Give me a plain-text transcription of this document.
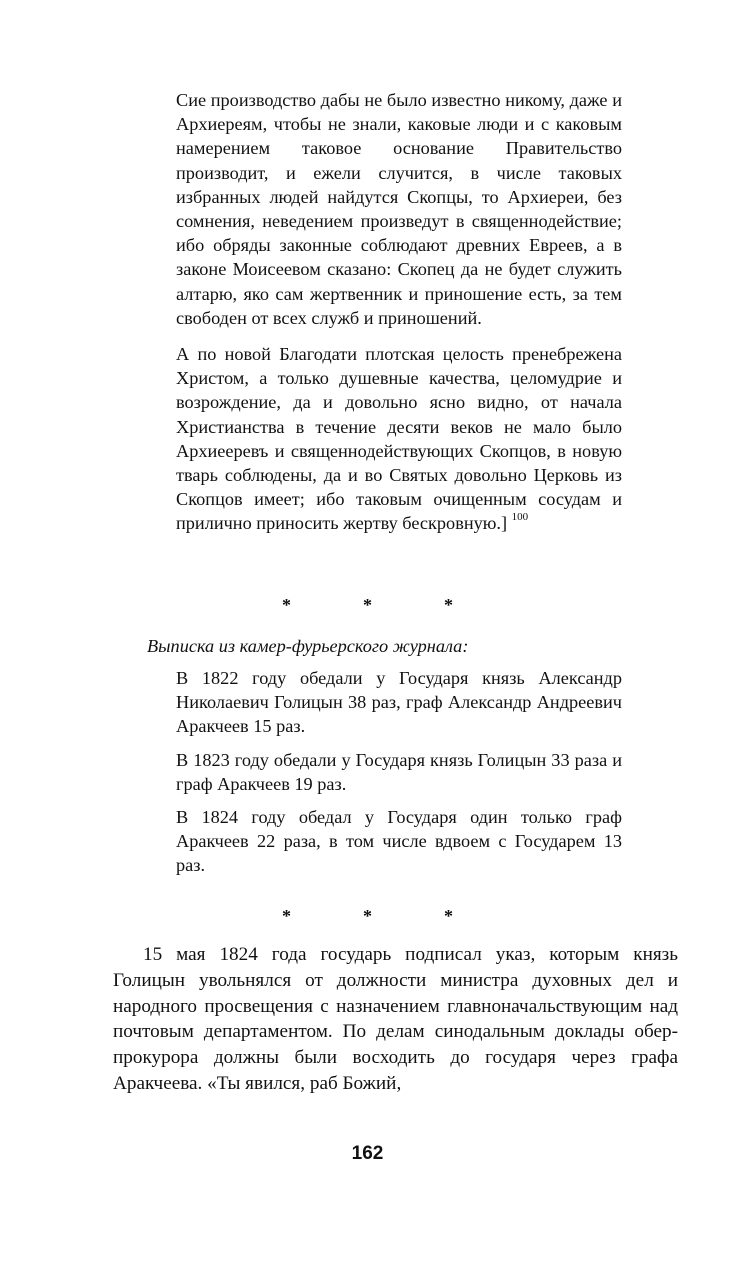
Сие производство дабы не было известно никому, даже и Архиереям, чтобы не знали, каковые люди и с каковым намерением таковое основание Правительство производит, и ежели случится, в числе таковых избранных людей найдутся Скопцы, то Архиереи, без сомнения, неведением произведут в священнодействие; ибо обряды законные соблюдают древних Евреев, а в законе Моисеевом сказано: Скопец да не будет служить алтарю, яко сам жертвенник и приношение есть, за тем свободен от всех служб и приношений.

А по новой Благодати плотская целость пренебрежена Христом, а только душевные качества, целомудрие и возрождение, да и довольно ясно видно, от начала Христианства в течение десяти веков не мало было Архиееревъ и священнодействующих Скопцов, в новую тварь соблюдены, да и во Святых довольно Церковь из Скопцов имеет; ибо таковым очищенным сосудам и прилично приносить жертву бескровную.] $^{100}$

*	*	*
Выписка из камер-фурьерского журнала:

В 1822 году обедали у Государя князь Александр Николаевич Голицын 38 раз, граф Александр Андреевич Аракчеев 15 раз.

В 1823 году обедали у Государя князь Голицын 33 раза и граф Аракчеев 19 раз.

В 1824 году обедал у Государя один только граф Аракчеев 22 раза, в том числе вдвоем с Государем 13 раз.

*	*	*

15 мая 1824 года государь подписал указ, которым князь Голицын увольнялся от должности министра духовных дел и народного просвещения с назначением главноначальствующим над почтовым департаментом. По делам синодальным доклады обер-прокурора должны были восходить до государя через графа Аракчеева. «Ты явился, раб Божий,

162
